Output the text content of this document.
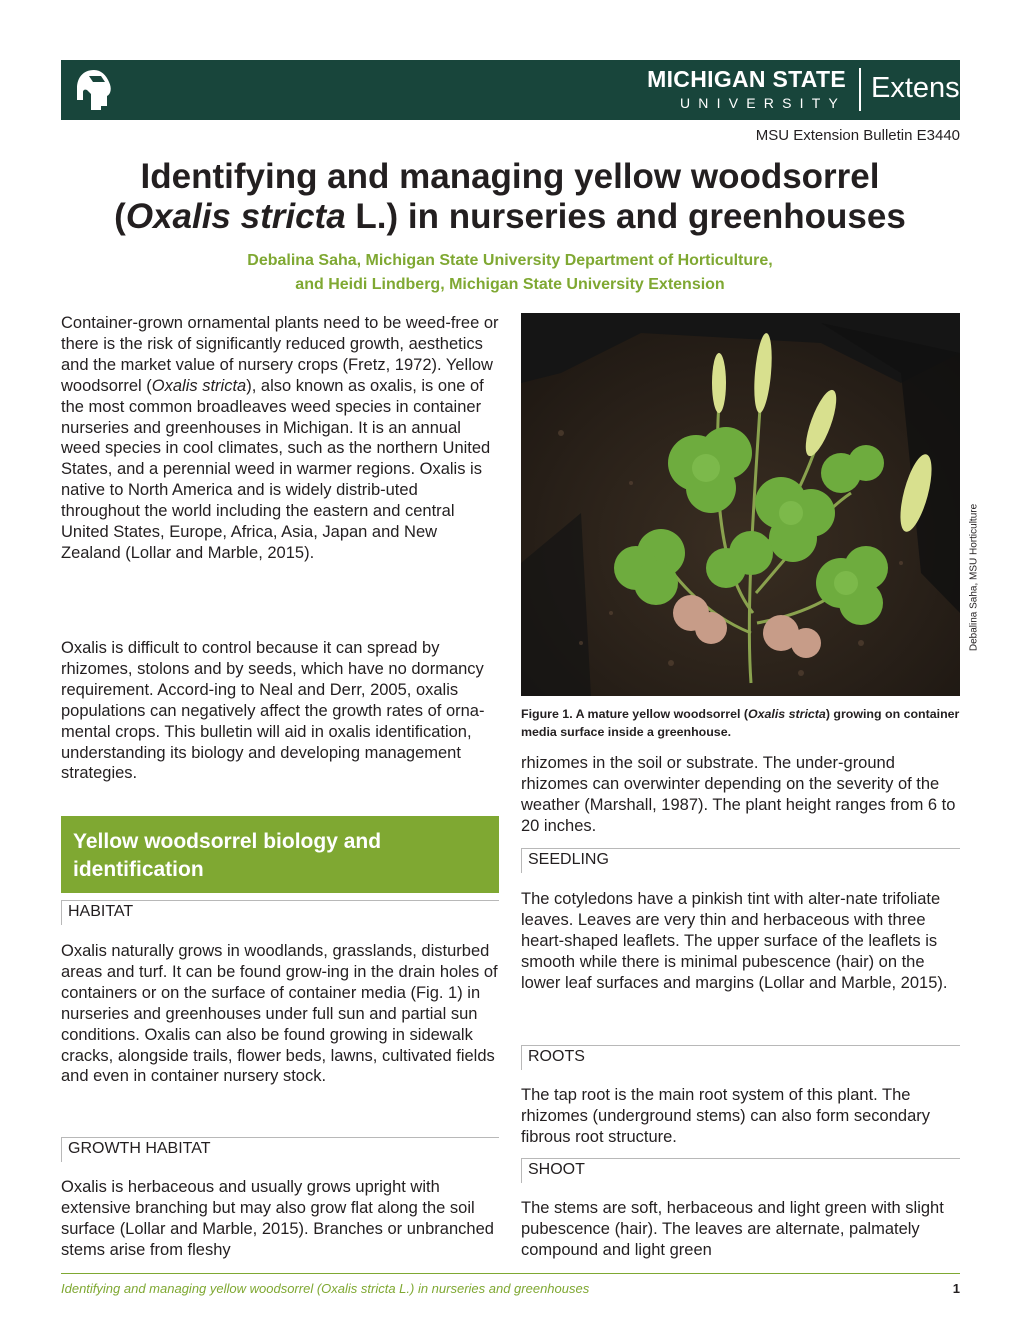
MICHIGAN STATE
UNIVERSITY Extension
MSU Extension Bulletin E3440
Identifying and managing yellow woodsorrel
(Oxalis stricta L.) in nurseries and greenhouses
Debalina Saha, Michigan State University Department of Horticulture,
and Heidi Lindberg, Michigan State University Extension

Container-grown ornamental plants need to be weed-free or there is the risk of significantly reduced growth, aesthetics and the market value of nursery crops (Fretz, 1972). Yellow woodsorrel (Oxalis stricta), also known as oxalis, is one of the most common broadleaves weed species in container nurseries and greenhouses in Michigan. It is an annual weed species in cool climates, such as the northern United States, and a perennial weed in warmer regions. Oxalis is native to North America and is widely distrib-uted throughout the world including the eastern and central United States, Europe, Africa, Asia, Japan and New Zealand (Lollar and Marble, 2015).

Oxalis is difficult to control because it can spread by rhizomes, stolons and by seeds, which have no dormancy requirement. Accord-ing to Neal and Derr, 2005, oxalis populations can negatively affect the growth rates of orna-mental crops. This bulletin will aid in oxalis identification, understanding its biology and developing management strategies.

Yellow woodsorrel biology and identification
HABITAT

Oxalis naturally grows in woodlands, grasslands, disturbed areas and turf. It can be found grow-ing in the drain holes of containers or on the surface of container media (Fig. 1) in nurseries and greenhouses under full sun and partial sun conditions. Oxalis can also be found growing in sidewalk cracks, alongside trails, flower beds, lawns, cultivated fields and even in container nursery stock.

GROWTH HABITAT

Oxalis is herbaceous and usually grows upright with extensive branching but may also grow flat along the soil surface (Lollar and Marble, 2015). Branches or unbranched stems arise from fleshy

Debalina Saha, MSU Horticulture
Figure 1. A mature yellow woodsorrel (Oxalis stricta) growing on container media surface inside a greenhouse.

rhizomes in the soil or substrate. The under-ground rhizomes can overwinter depending on the severity of the weather (Marshall, 1987). The plant height ranges from 6 to 20 inches.

SEEDLING

The cotyledons have a pinkish tint with alter-nate trifoliate leaves. Leaves are very thin and herbaceous with three heart-shaped leaflets. The upper surface of the leaflets is smooth while there is minimal pubescence (hair) on the lower leaf surfaces and margins (Lollar and Marble, 2015).

ROOTS

The tap root is the main root system of this plant. The rhizomes (underground stems) can also form secondary fibrous root structure.

SHOOT

The stems are soft, herbaceous and light green with slight pubescence (hair). The leaves are alternate, palmately compound and light green

Identifying and managing yellow woodsorrel (Oxalis stricta L.) in nurseries and greenhouses	1
